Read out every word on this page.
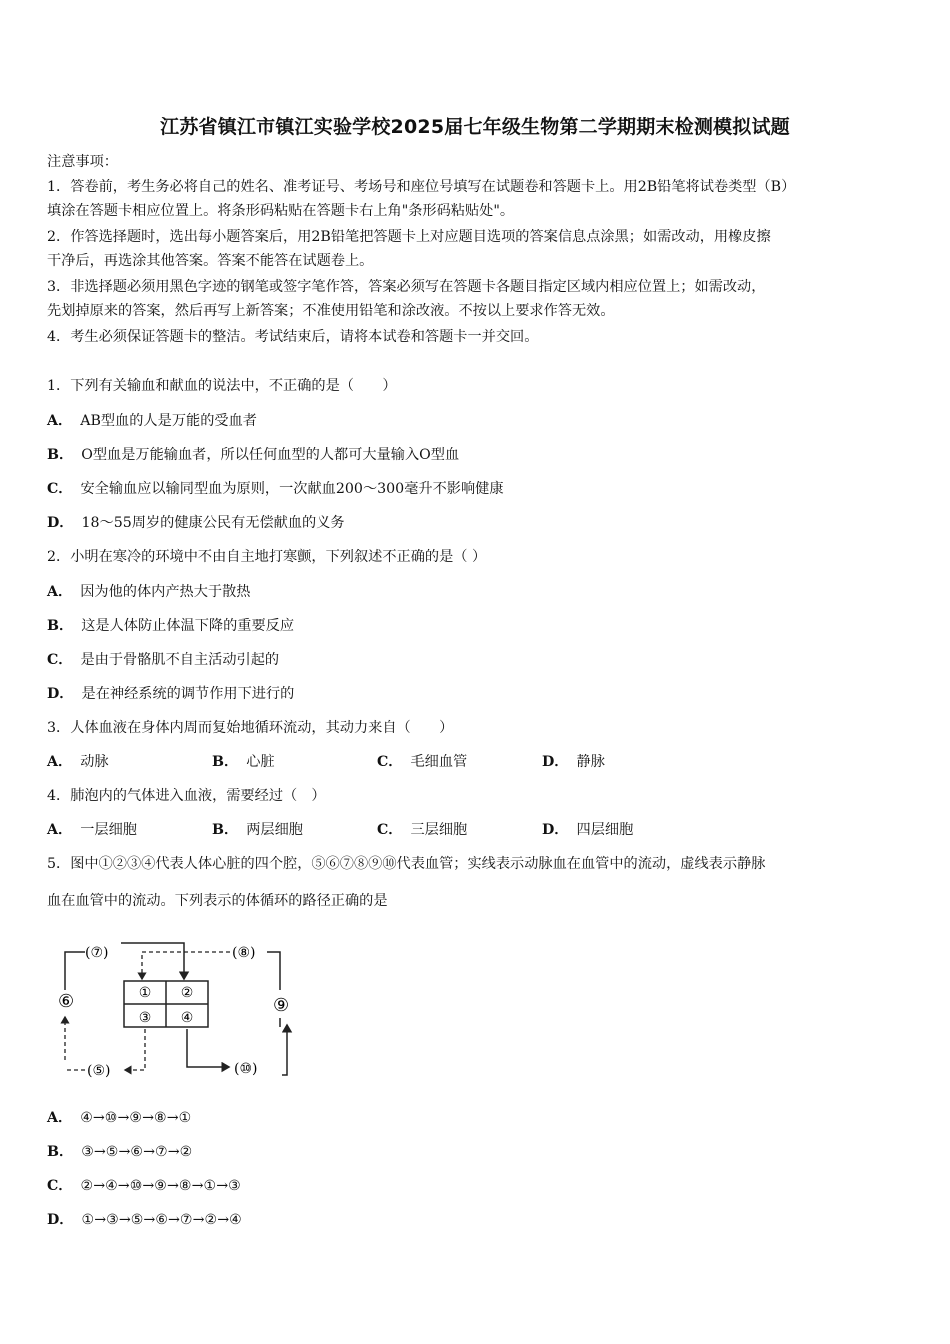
江苏省镇江市镇江实验学校2025届七年级生物第二学期期末检测模拟试题
注意事项：
1．答卷前，考生务必将自己的姓名、准考证号、考场号和座位号填写在试题卷和答题卡上。用2B铅笔将试卷类型（B）
填涂在答题卡相应位置上。将条形码粘贴在答题卡右上角"条形码粘贴处"。
2．作答选择题时，选出每小题答案后，用2B铅笔把答题卡上对应题目选项的答案信息点涂黑；如需改动，用橡皮擦
干净后，再选涂其他答案。答案不能答在试题卷上。
3．非选择题必须用黑色字迹的钢笔或签字笔作答，答案必须写在答题卡各题目指定区域内相应位置上；如需改动，
先划掉原来的答案，然后再写上新答案；不准使用铅笔和涂改液。不按以上要求作答无效。
4．考生必须保证答题卡的整洁。考试结束后，请将本试卷和答题卡一并交回。
1．下列有关输血和献血的说法中，不正确的是（　　）
A． AB型血的人是万能的受血者
B． O型血是万能输血者，所以任何血型的人都可大量输入O型血
C． 安全输血应以输同型血为原则，一次献血200～300毫升不影响健康
D． 18～55周岁的健康公民有无偿献血的义务
2．小明在寒冷的环境中不由自主地打寒颤，下列叙述不正确的是（ ）
A． 因为他的体内产热大于散热
B． 这是人体防止体温下降的重要反应
C． 是由于骨骼肌不自主活动引起的
D． 是在神经系统的调节作用下进行的
3．人体血液在身体内周而复始地循环流动，其动力来自（　　）
A． 动脉	B． 心脏	C． 毛细血管	D． 静脉
4．肺泡内的气体进入血液，需要经过（　）
A． 一层细胞	B． 两层细胞	C． 三层细胞	D． 四层细胞
5．图中①②③④代表人体心脏的四个腔，⑤⑥⑦⑧⑨⑩代表血管；实线表示动脉血在血管中的流动，虚线表示静脉
血在血管中的流动。下列表示的体循环的路径正确的是
① ②
③ ④
(⑦)	(⑧)
⑥	⑨
(⑤)	(⑩)
A． ④→⑩→⑨→⑧→①
B． ③→⑤→⑥→⑦→②
C． ②→④→⑩→⑨→⑧→①→③
D． ①→③→⑤→⑥→⑦→②→④
